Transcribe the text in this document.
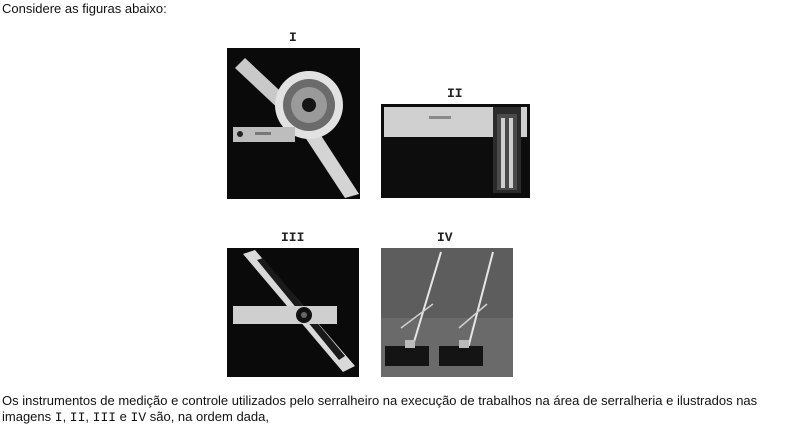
Considere as figuras abaixo:
I
II
III	IV
Os instrumentos de medição e controle utilizados pelo serralheiro na execução de trabalhos na área de serralheria e ilustrados nas imagens I, II, III e IV são, na ordem dada,
